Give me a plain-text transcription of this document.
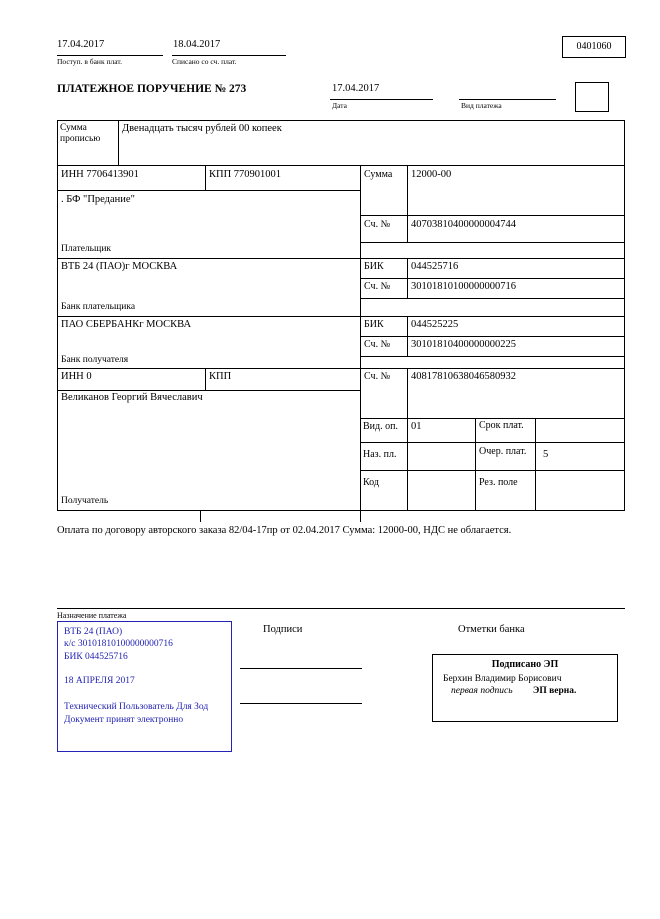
17.04.2017	18.04.2017
Поступ. в банк плат.	Списано со сч. плат.
0401060
ПЛАТЕЖНОЕ ПОРУЧЕНИЕ № 273	17.04.2017
Дата	Вид платежа
Сумма прописью
Двенадцать тысяч рублей 00 копеек
ИНН 7706413901	КПП 770901001	Сумма 12000-00
. БФ "Предание"
Сч. № 40703810400000004744
Плательщик
ВТБ 24 (ПАО)г МОСКВА	БИК	044525716
Сч. № 30101810100000000716
Банк плательщика
ПАО СБЕРБАНКг МОСКВА	БИК	044525225
Сч. № 30101810400000000225
Банк получателя
ИНН 0	КПП	Сч. № 40817810638046580932
Великанов Георгий Вячеславич
Вид. оп. 01	Срок плат.
Наз. пл.	Очер. плат. 5
Код	Рез. поле
Получатель
Оплата по договору авторского заказа 82/04-17пр от 02.04.2017 Сумма: 12000-00, НДС не облагается.
Назначение платежа
Подписи	Отметки банка
ВТБ 24 (ПАО)
к/с 30101810100000000716
БИК 044525716
18 АПРЕЛЯ 2017
Технический Пользователь Для Зод
Документ принят электронно
Подписано ЭП
Берхин Владимир Борисович
первая подпись ЭП верна.
